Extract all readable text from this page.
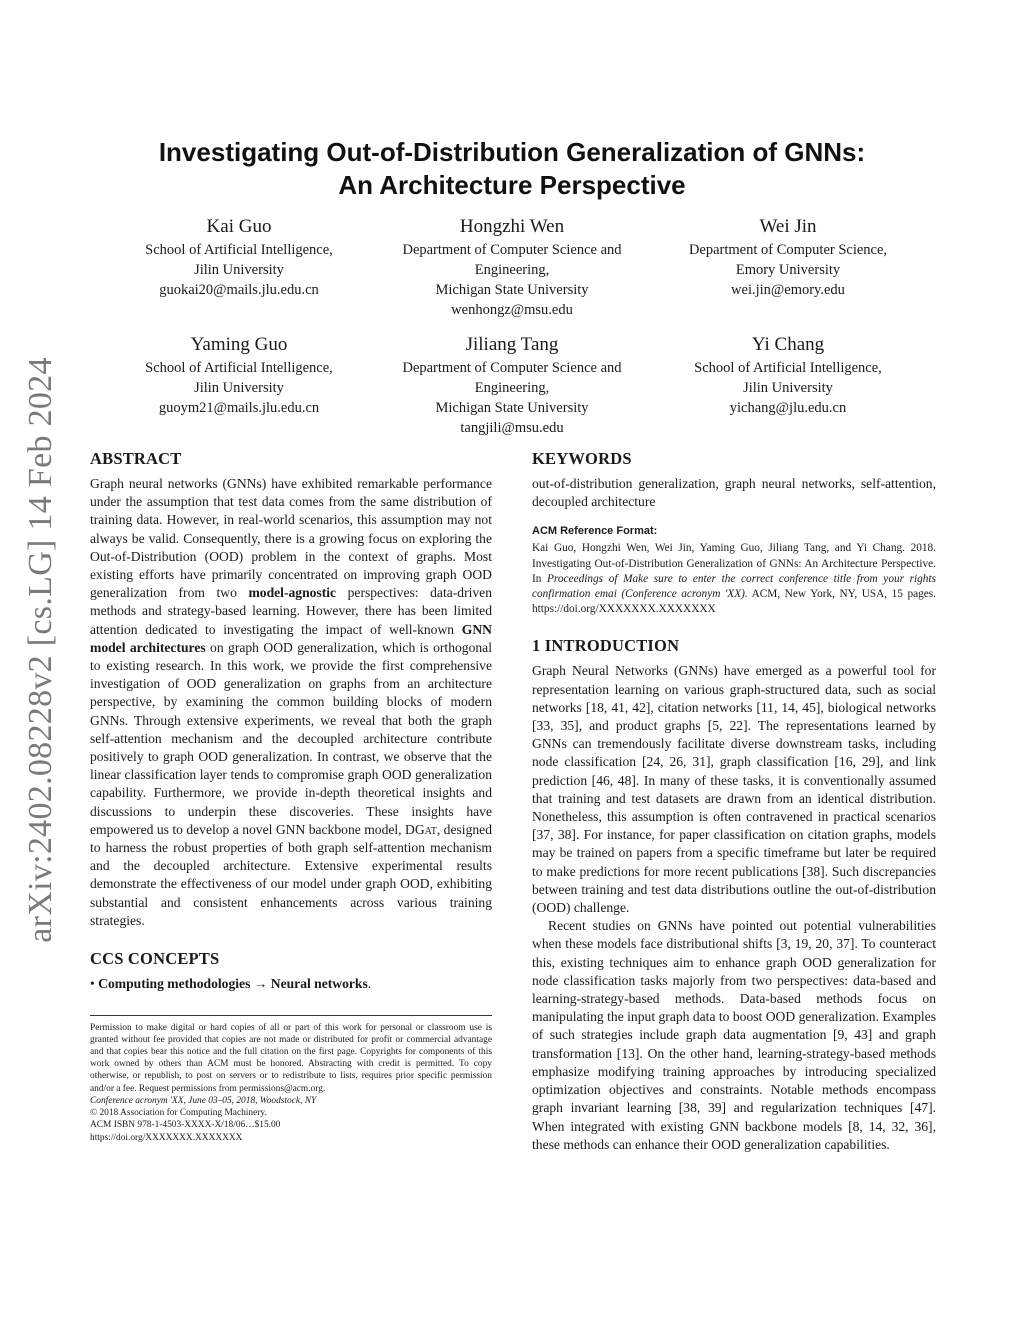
arXiv:2402.08228v2 [cs.LG] 14 Feb 2024
Investigating Out-of-Distribution Generalization of GNNs:
An Architecture Perspective
Kai Guo
School of Artificial Intelligence,
Jilin University
guokai20@mails.jlu.edu.cn
Hongzhi Wen
Department of Computer Science and
Engineering,
Michigan State University
wenhongz@msu.edu
Wei Jin
Department of Computer Science,
Emory University
wei.jin@emory.edu
Yaming Guo
School of Artificial Intelligence,
Jilin University
guoym21@mails.jlu.edu.cn
Jiliang Tang
Department of Computer Science and
Engineering,
Michigan State University
tangjili@msu.edu
Yi Chang
School of Artificial Intelligence,
Jilin University
yichang@jlu.edu.cn
ABSTRACT

Graph neural networks (GNNs) have exhibited remarkable performance under the assumption that test data comes from the same distribution of training data. However, in real-world scenarios, this assumption may not always be valid. Consequently, there is a growing focus on exploring the Out-of-Distribution (OOD) problem in the context of graphs. Most existing efforts have primarily concentrated on improving graph OOD generalization from two model-agnostic perspectives: data-driven methods and strategy-based learning. However, there has been limited attention dedicated to investigating the impact of well-known GNN model architectures on graph OOD generalization, which is orthogonal to existing research. In this work, we provide the first comprehensive investigation of OOD generalization on graphs from an architecture perspective, by examining the common building blocks of modern GNNs. Through extensive experiments, we reveal that both the graph self-attention mechanism and the decoupled architecture contribute positively to graph OOD generalization. In contrast, we observe that the linear classification layer tends to compromise graph OOD generalization capability. Furthermore, we provide in-depth theoretical insights and discussions to underpin these discoveries. These insights have empowered us to develop a novel GNN backbone model, DGat, designed to harness the robust properties of both graph self-attention mechanism and the decoupled architecture. Extensive experimental results demonstrate the effectiveness of our model under graph OOD, exhibiting substantial and consistent enhancements across various training strategies.

CCS CONCEPTS

• Computing methodologies → Neural networks.

Permission to make digital or hard copies of all or part of this work for personal or classroom use is granted without fee provided that copies are not made or distributed for profit or commercial advantage and that copies bear this notice and the full citation on the first page. Copyrights for components of this work owned by others than ACM must be honored. Abstracting with credit is permitted. To copy otherwise, or republish, to post on servers or to redistribute to lists, requires prior specific permission and/or a fee. Request permissions from permissions@acm.org.

Conference acronym 'XX, June 03–05, 2018, Woodstock, NY

© 2018 Association for Computing Machinery.

ACM ISBN 978-1-4503-XXXX-X/18/06…$15.00

https://doi.org/XXXXXXX.XXXXXXX

KEYWORDS

out-of-distribution generalization, graph neural networks, self-attention, decoupled architecture

ACM Reference Format:

Kai Guo, Hongzhi Wen, Wei Jin, Yaming Guo, Jiliang Tang, and Yi Chang. 2018. Investigating Out-of-Distribution Generalization of GNNs: An Architecture Perspective. In Proceedings of Make sure to enter the correct conference title from your rights confirmation emai (Conference acronym 'XX). ACM, New York, NY, USA, 15 pages. https://doi.org/XXXXXXX.XXXXXXX

1 INTRODUCTION

Graph Neural Networks (GNNs) have emerged as a powerful tool for representation learning on various graph-structured data, such as social networks [18, 41, 42], citation networks [11, 14, 45], biological networks [33, 35], and product graphs [5, 22]. The representations learned by GNNs can tremendously facilitate diverse downstream tasks, including node classification [24, 26, 31], graph classification [16, 29], and link prediction [46, 48]. In many of these tasks, it is conventionally assumed that training and test datasets are drawn from an identical distribution. Nonetheless, this assumption is often contravened in practical scenarios [37, 38]. For instance, for paper classification on citation graphs, models may be trained on papers from a specific timeframe but later be required to make predictions for more recent publications [38]. Such discrepancies between training and test data distributions outline the out-of-distribution (OOD) challenge.

Recent studies on GNNs have pointed out potential vulnerabilities when these models face distributional shifts [3, 19, 20, 37]. To counteract this, existing techniques aim to enhance graph OOD generalization for node classification tasks majorly from two perspectives: data-based and learning-strategy-based methods. Data-based methods focus on manipulating the input graph data to boost OOD generalization. Examples of such strategies include graph data augmentation [9, 43] and graph transformation [13]. On the other hand, learning-strategy-based methods emphasize modifying training approaches by introducing specialized optimization objectives and constraints. Notable methods encompass graph invariant learning [38, 39] and regularization techniques [47]. When integrated with existing GNN backbone models [8, 14, 32, 36], these methods can enhance their OOD generalization capabilities.
